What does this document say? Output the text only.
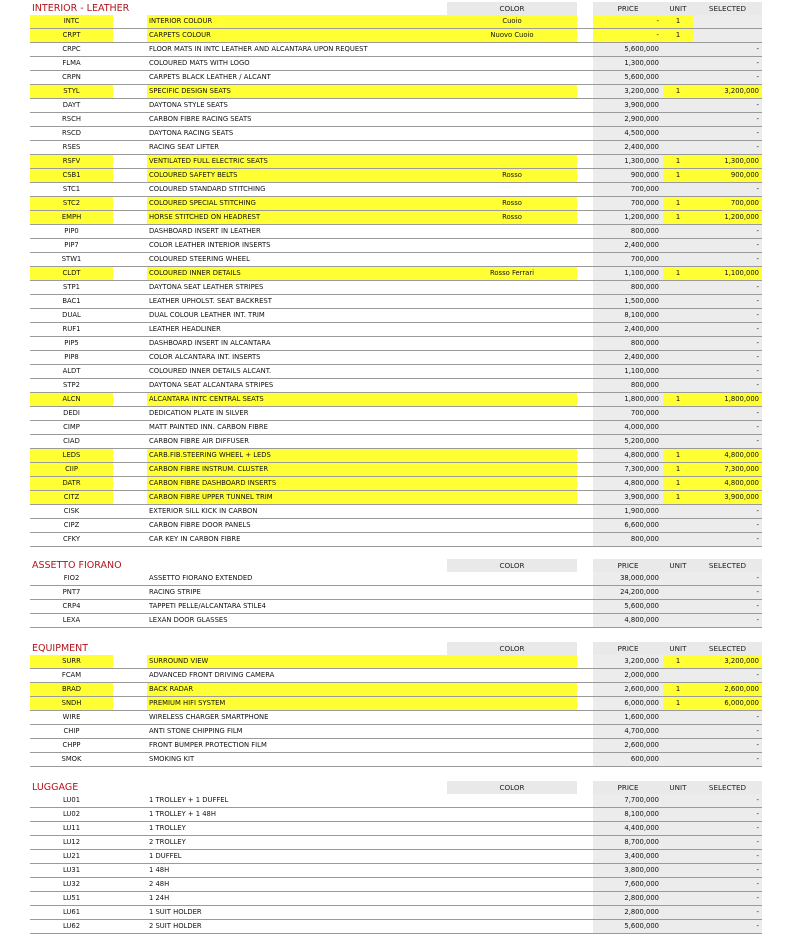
INTERIOR - LEATHER	COLOR	PRICE	UNIT	SELECTED
INTC	INTERIOR COLOUR	Cuoio	-	1
CRPT	CARPETS COLOUR	Nuovo Cuoio	-	1
CRPC	FLOOR MATS IN INTC LEATHER AND ALCANTARA UPON REQUEST	5,600,000	-
FLMA	COLOURED MATS WITH LOGO	1,300,000	-
CRPN	CARPETS BLACK LEATHER / ALCANT	5,600,000	-
STYL	SPECIFIC DESIGN SEATS	3,200,000	1	3,200,000
DAYT	DAYTONA STYLE SEATS	3,900,000	-
RSCH	CARBON FIBRE RACING SEATS	2,900,000	-
RSCD	DAYTONA RACING SEATS	4,500,000	-
RSES	RACING SEAT LIFTER	2,400,000	-
RSFV	VENTILATED FULL ELECTRIC SEATS	1,300,000	1	1,300,000
CSB1	COLOURED SAFETY BELTS	Rosso	900,000	1	900,000
STC1	COLOURED STANDARD STITCHING	700,000	-
STC2	COLOURED SPECIAL STITCHING	Rosso	700,000	1	700,000
EMPH	HORSE STITCHED ON HEADREST	Rosso	1,200,000	1	1,200,000
PIP0	DASHBOARD INSERT IN LEATHER	800,000	-
PIP7	COLOR LEATHER INTERIOR INSERTS	2,400,000	-
STW1	COLOURED STEERING WHEEL	700,000	-
CLDT	COLOURED INNER DETAILS	Rosso Ferrari	1,100,000	1	1,100,000
STP1	DAYTONA SEAT LEATHER STRIPES	800,000	-
BAC1	LEATHER UPHOLST. SEAT BACKREST	1,500,000	-
DUAL	DUAL COLOUR LEATHER INT. TRIM	8,100,000	-
RUF1	LEATHER HEADLINER	2,400,000	-
PIP5	DASHBOARD INSERT IN ALCANTARA	800,000	-
PIP8	COLOR ALCANTARA INT. INSERTS	2,400,000	-
ALDT	COLOURED INNER DETAILS ALCANT.	1,100,000	-
STP2	DAYTONA SEAT ALCANTARA STRIPES	800,000	-
ALCN	ALCANTARA INTC CENTRAL SEATS	1,800,000	1	1,800,000
DEDI	DEDICATION PLATE IN SILVER	700,000	-
CIMP	MATT PAINTED INN. CARBON FIBRE	4,000,000	-
CIAD	CARBON FIBRE AIR DIFFUSER	5,200,000	-
LEDS	CARB.FIB.STEERING WHEEL + LEDS	4,800,000	1	4,800,000
CIIP	CARBON FIBRE INSTRUM. CLUSTER	7,300,000	1	7,300,000
DATR	CARBON FIBRE DASHBOARD INSERTS	4,800,000	1	4,800,000
CITZ	CARBON FIBRE UPPER TUNNEL TRIM	3,900,000	1	3,900,000
CISK	EXTERIOR SILL KICK IN CARBON	1,900,000	-
CIPZ	CARBON FIBRE DOOR PANELS	6,600,000	-
CFKY	CAR KEY IN CARBON FIBRE	800,000	-
ASSETTO FIORANO	COLOR	PRICE	UNIT	SELECTED
FIO2	ASSETTO FIORANO EXTENDED	38,000,000	-
PNT7	RACING STRIPE	24,200,000	-
CRP4	TAPPETI PELLE/ALCANTARA STILE4	5,600,000	-
LEXA	LEXAN DOOR GLASSES	4,800,000	-
EQUIPMENT	COLOR	PRICE	UNIT	SELECTED
SURR	SURROUND VIEW	3,200,000	1	3,200,000
FCAM	ADVANCED FRONT DRIVING CAMERA	2,000,000	-
BRAD	BACK RADAR	2,600,000	1	2,600,000
SNDH	PREMIUM HIFI SYSTEM	6,000,000	1	6,000,000
WIRE	WIRELESS CHARGER SMARTPHONE	1,600,000	-
CHIP	ANTI STONE CHIPPING FILM	4,700,000	-
CHPP	FRONT BUMPER PROTECTION FILM	2,600,000	-
SMOK	SMOKING KIT	600,000	-
LUGGAGE	COLOR	PRICE	UNIT	SELECTED
LU01	1 TROLLEY + 1 DUFFEL	7,700,000	-
LU02	1 TROLLEY + 1 48H	8,100,000	-
LU11	1 TROLLEY	4,400,000	-
LU12	2 TROLLEY	8,700,000	-
LU21	1 DUFFEL	3,400,000	-
LU31	1 48H	3,800,000	-
LU32	2 48H	7,600,000	-
LU51	1 24H	2,800,000	-
LU61	1 SUIT HOLDER	2,800,000	-
LU62	2 SUIT HOLDER	5,600,000	-
